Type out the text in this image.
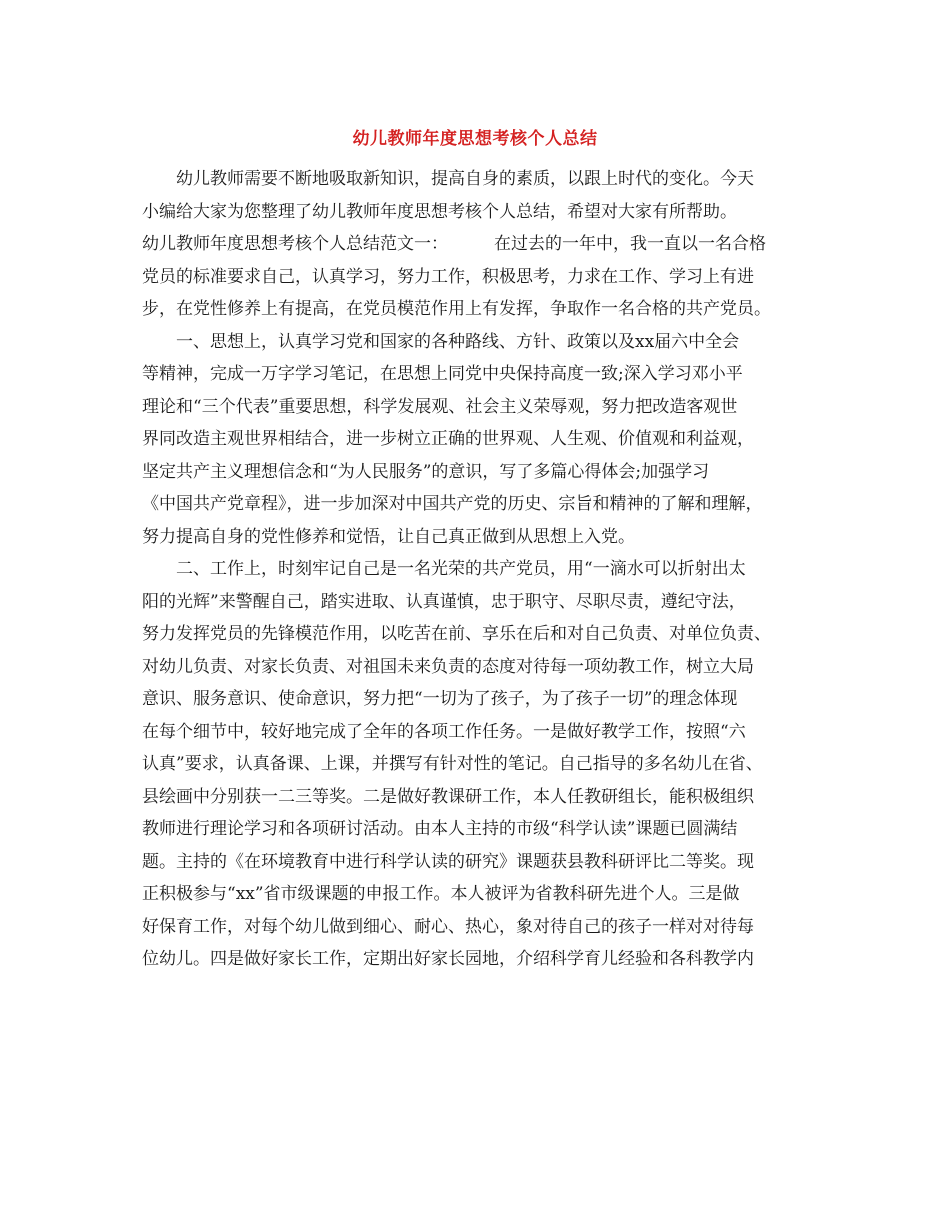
幼儿教师年度思想考核个人总结
幼儿教师需要不断地吸取新知识，提高自身的素质，以跟上时代的变化。今天
小编给大家为您整理了幼儿教师年度思想考核个人总结，希望对大家有所帮助。
幼儿教师年度思想考核个人总结范文一：	在过去的一年中，我一直以一名合格
党员的标准要求自己，认真学习，努力工作，积极思考，力求在工作、学习上有进
步，在党性修养上有提高，在党员模范作用上有发挥，争取作一名合格的共产党员。
一、思想上，认真学习党和国家的各种路线、方针、政策以及xx届六中全会
等精神，完成一万字学习笔记，在思想上同党中央保持高度一致;深入学习邓小平
理论和“三个代表”重要思想，科学发展观、社会主义荣辱观，努力把改造客观世
界同改造主观世界相结合，进一步树立正确的世界观、人生观、价值观和利益观，
坚定共产主义理想信念和“为人民服务”的意识，写了多篇心得体会;加强学习
《中国共产党章程》，进一步加深对中国共产党的历史、宗旨和精神的了解和理解，
努力提高自身的党性修养和觉悟，让自己真正做到从思想上入党。
二、工作上，时刻牢记自己是一名光荣的共产党员，用“一滴水可以折射出太
阳的光辉”来警醒自己，踏实进取、认真谨慎，忠于职守、尽职尽责，遵纪守法，
努力发挥党员的先锋模范作用，以吃苦在前、享乐在后和对自己负责、对单位负责、
对幼儿负责、对家长负责、对祖国未来负责的态度对待每一项幼教工作，树立大局
意识、服务意识、使命意识，努力把“一切为了孩子，为了孩子一切”的理念体现
在每个细节中，较好地完成了全年的各项工作任务。一是做好教学工作，按照“六
认真”要求，认真备课、上课，并撰写有针对性的笔记。自己指导的多名幼儿在省、
县绘画中分别获一二三等奖。二是做好教课研工作，本人任教研组长，能积极组织
教师进行理论学习和各项研讨活动。由本人主持的市级“科学认读”课题已圆满结
题。主持的《在环境教育中进行科学认读的研究》课题获县教科研评比二等奖。现
正积极参与“xx”省市级课题的申报工作。本人被评为省教科研先进个人。三是做
好保育工作，对每个幼儿做到细心、耐心、热心，象对待自己的孩子一样对对待每
位幼儿。四是做好家长工作，定期出好家长园地，介绍科学育儿经验和各科教学内
